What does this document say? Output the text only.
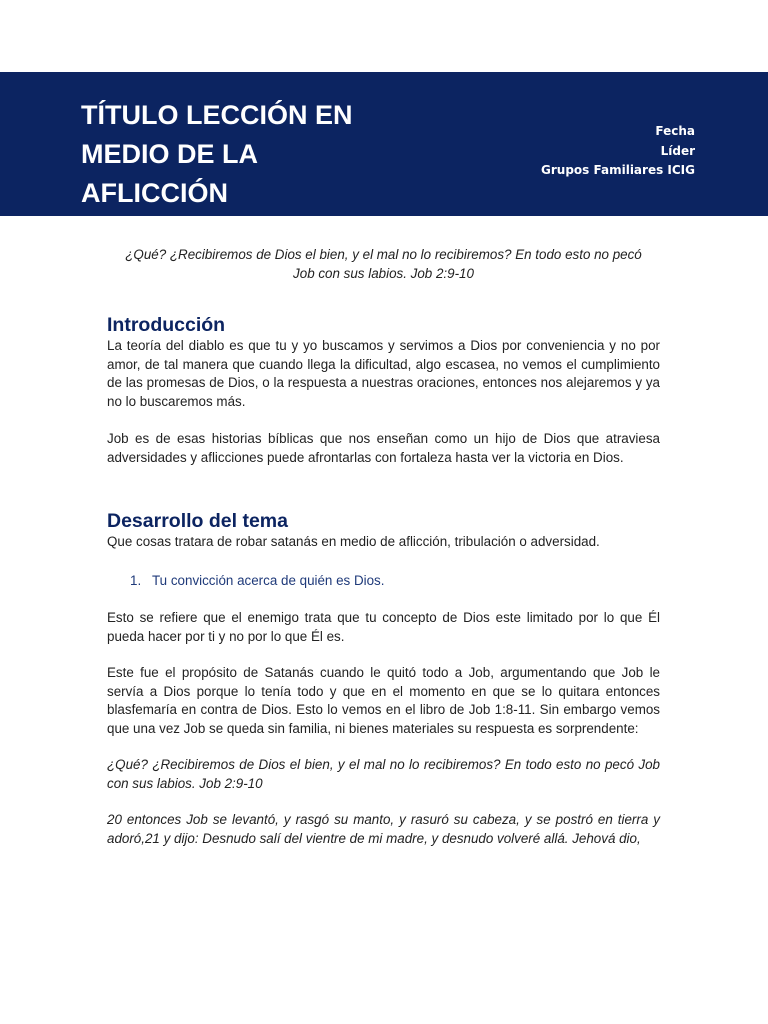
TÍTULO LECCIÓN EN
MEDIO DE LA
AFLICCIÓN
Fecha
Líder
Grupos Familiares ICIG
¿Qué? ¿Recibiremos de Dios el bien, y el mal no lo recibiremos? En todo esto no pecó
Job con sus labios. Job 2:9-10
Introducción

La teoría del diablo es que tu y yo buscamos y servimos a Dios por conveniencia y no por amor, de tal manera que cuando llega la dificultad, algo escasea, no vemos el cumplimiento de las promesas de Dios, o la respuesta a nuestras oraciones, entonces nos alejaremos y ya no lo buscaremos más.

Job es de esas historias bíblicas que nos enseñan como un hijo de Dios que atraviesa adversidades y aflicciones puede afrontarlas con fortaleza hasta ver la victoria en Dios.

Desarrollo del tema

Que cosas tratara de robar satanás en medio de aflicción, tribulación o adversidad.

1. Tu convicción acerca de quién es Dios.

Esto se refiere que el enemigo trata que tu concepto de Dios este limitado por lo que Él pueda hacer por ti y no por lo que Él es.

Este fue el propósito de Satanás cuando le quitó todo a Job, argumentando que Job le servía a Dios porque lo tenía todo y que en el momento en que se lo quitara entonces blasfemaría en contra de Dios. Esto lo vemos en el libro de Job 1:8-11. Sin embargo vemos que una vez Job se queda sin familia, ni bienes materiales su respuesta es sorprendente:

¿Qué? ¿Recibiremos de Dios el bien, y el mal no lo recibiremos? En todo esto no pecó Job con sus labios. Job 2:9-10

20 entonces Job se levantó, y rasgó su manto, y rasuró su cabeza, y se postró en tierra y adoró,21 y dijo: Desnudo salí del vientre de mi madre, y desnudo volveré allá. Jehová dio,
